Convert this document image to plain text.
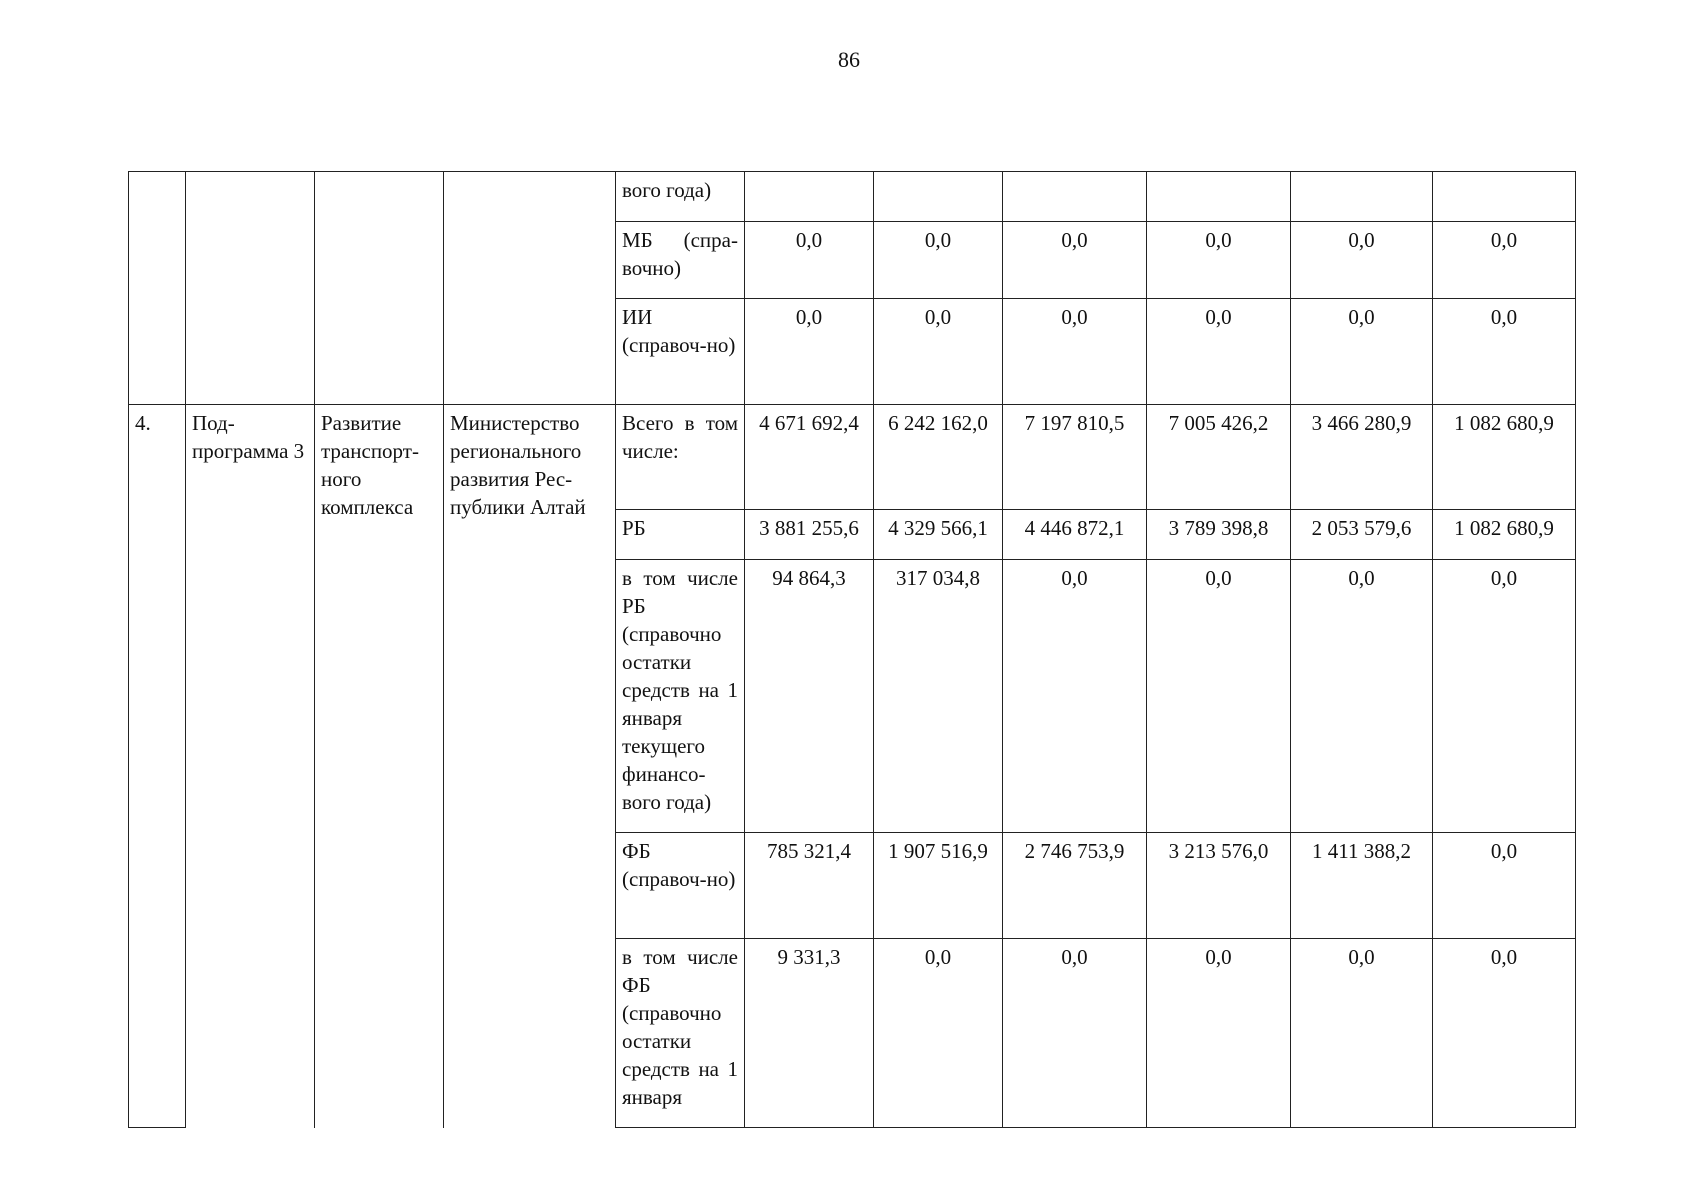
86

				вого года)						

				МБ (спра-вочно)	0,0	0,0	0,0	0,0	0,0	0,0

				ИИ (справоч-но)	0,0	0,0	0,0	0,0	0,0	0,0
4.	Под-программа 3	Развитие транспорт-ного комплекса	Министерство регионального развития Рес-публики Алтай	Всего в том числе:	4 671 692,4	6 242 162,0	7 197 810,5	7 005 426,2	3 466 280,9	1 082 680,9

				РБ	3 881 255,6	4 329 566,1	4 446 872,1	3 789 398,8	2 053 579,6	1 082 680,9

				в том числе РБ (справочно остатки средств на 1 января текущего финансо-вого года)	94 864,3	317 034,8	0,0	0,0	0,0	0,0

				ФБ (справоч-но)	785 321,4	1 907 516,9	2 746 753,9	3 213 576,0	1 411 388,2	0,0

				в том числе ФБ (справочно остатки средств на 1 января	9 331,3	0,0	0,0	0,0	0,0	0,0
